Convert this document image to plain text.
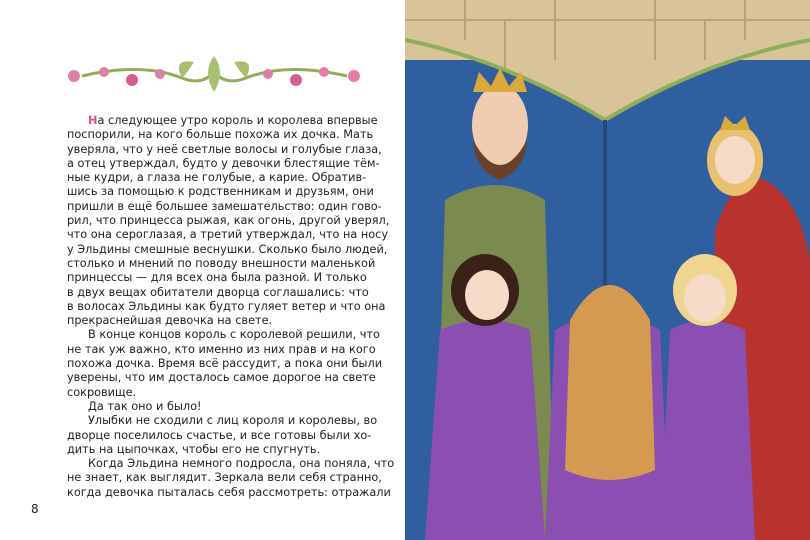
На следующее утро король и королева впервые
поспорили, на кого больше похожа их дочка. Мать
уверяла, что у неё светлые волосы и голубые глаза,
а отец утверждал, будто у девочки блестящие тём-
ные кудри, а глаза не голубые, а карие. Обратив-
шись за помощью к родственникам и друзьям, они
пришли в ещё большее замешательство: один гово-
рил, что принцесса рыжая, как огонь, другой уверял,
что она сероглазая, а третий утверждал, что на носу
у Эльдины смешные веснушки. Сколько было людей,
столько и мнений по поводу внешности маленькой
принцессы — для всех она была разной. И только
в двух вещах обитатели дворца соглашались: что
в волосах Эльдины как будто гуляет ветер и что она
прекраснейшая девочка на свете.
В конце концов король с королевой решили, что
не так уж важно, кто именно из них прав и на кого
похожа дочка. Время всё рассудит, а пока они были
уверены, что им досталось самое дорогое на свете
сокровище.
Да так оно и было!
Улыбки не сходили с лиц короля и королевы, во
дворце поселилось счастье, и все готовы были хо-
дить на цыпочках, чтобы его не спугнуть.
Когда Эльдина немного подросла, она поняла, что
не знает, как выглядит. Зеркала вели себя странно,
когда девочка пыталась себя рассмотреть: отражали
8
